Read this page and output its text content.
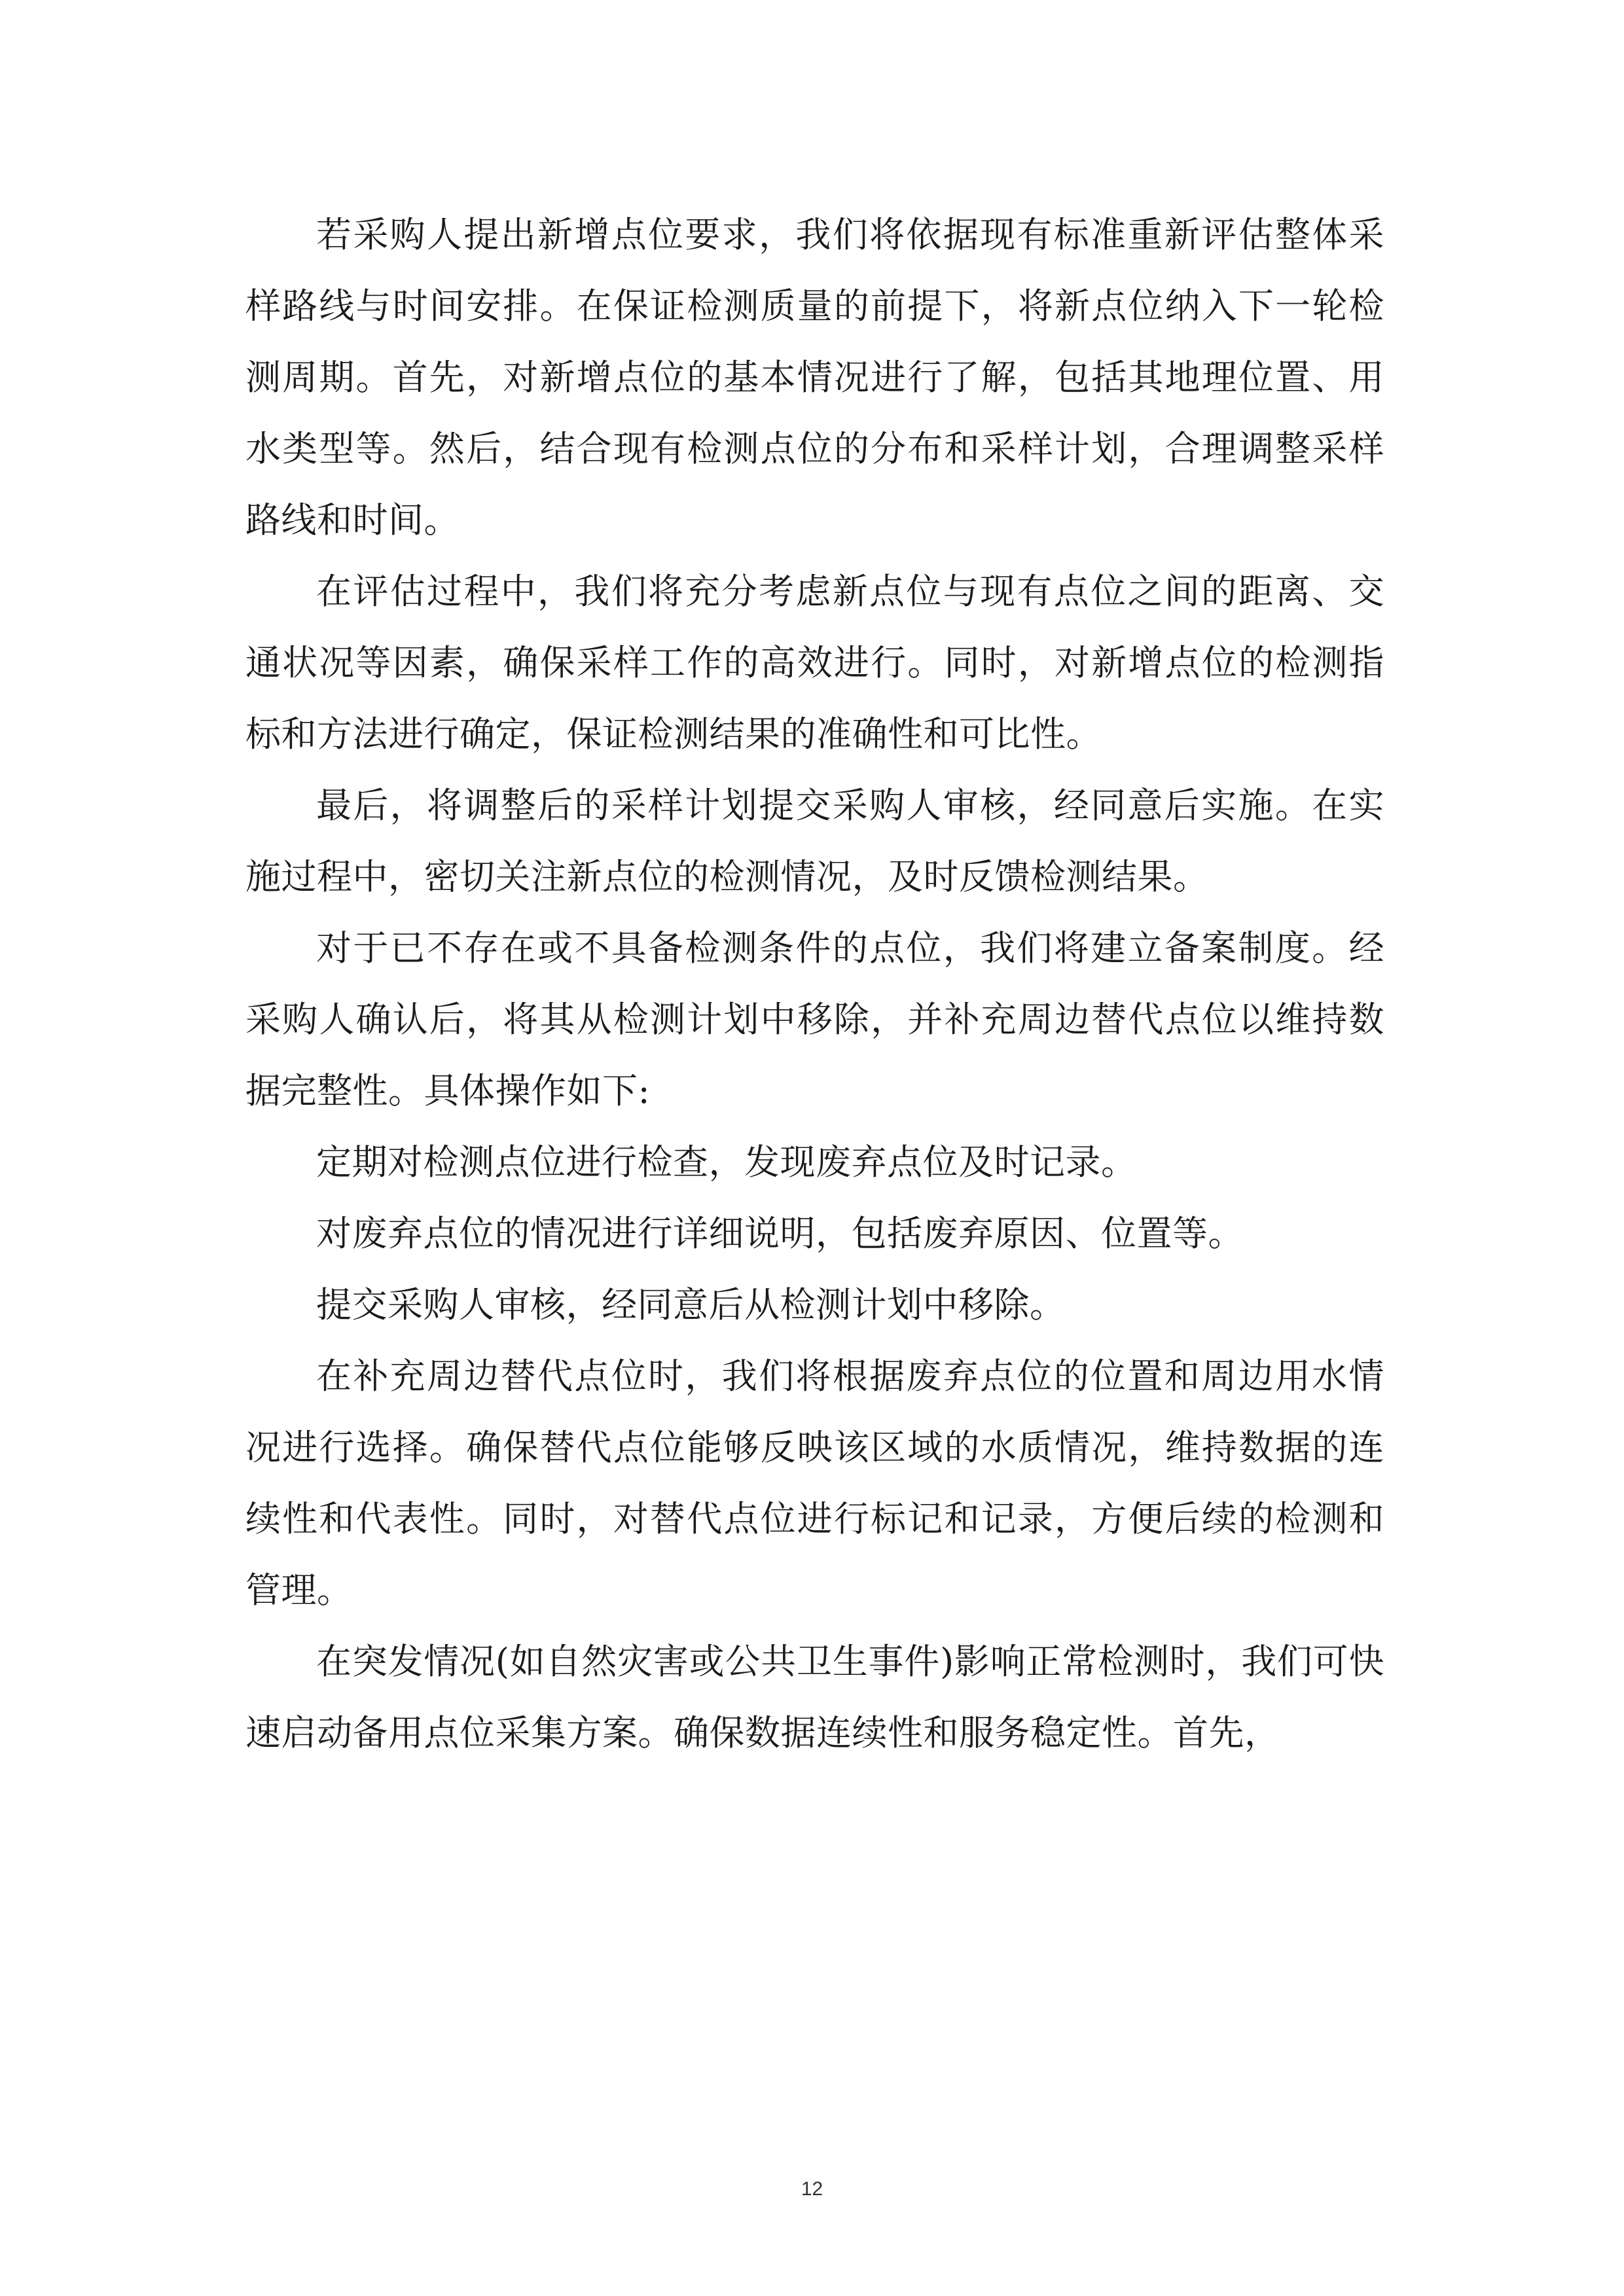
若采购人提出新增点位要求，我们将依据现有标准重新评估整体采样路线与时间安排。在保证检测质量的前提下，将新点位纳入下一轮检测周期。首先，对新增点位的基本情况进行了解，包括其地理位置、用水类型等。然后，结合现有检测点位的分布和采样计划，合理调整采样路线和时间。

在评估过程中，我们将充分考虑新点位与现有点位之间的距离、交通状况等因素，确保采样工作的高效进行。同时，对新增点位的检测指标和方法进行确定，保证检测结果的准确性和可比性。

最后，将调整后的采样计划提交采购人审核，经同意后实施。在实施过程中，密切关注新点位的检测情况，及时反馈检测结果。

对于已不存在或不具备检测条件的点位，我们将建立备案制度。经采购人确认后，将其从检测计划中移除，并补充周边替代点位以维持数据完整性。具体操作如下:

定期对检测点位进行检查，发现废弃点位及时记录。

对废弃点位的情况进行详细说明，包括废弃原因、位置等。

提交采购人审核，经同意后从检测计划中移除。

在补充周边替代点位时，我们将根据废弃点位的位置和周边用水情况进行选择。确保替代点位能够反映该区域的水质情况，维持数据的连续性和代表性。同时，对替代点位进行标记和记录，方便后续的检测和管理。

在突发情况(如自然灾害或公共卫生事件)影响正常检测时，我们可快速启动备用点位采集方案。确保数据连续性和服务稳定性。首先，

12
